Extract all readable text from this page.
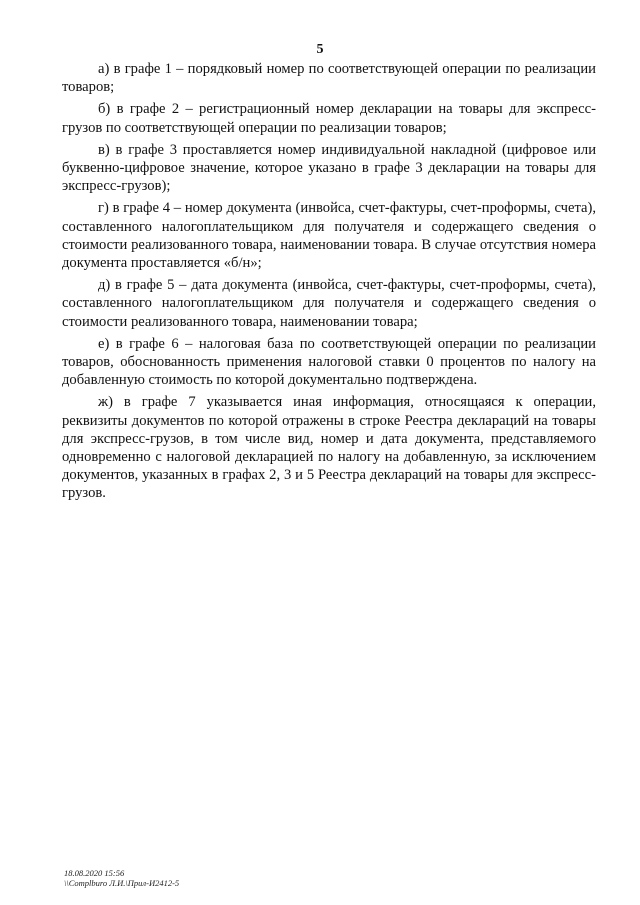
5

а) в графе 1 – порядковый номер по соответствующей операции по реализации товаров;

б) в графе 2 – регистрационный номер декларации на товары для экспресс-грузов по соответствующей операции по реализации товаров;

в) в графе 3 проставляется номер индивидуальной накладной (цифровое или буквенно-цифровое значение, которое указано в графе 3 декларации на товары для экспресс-грузов);

г) в графе 4 – номер документа (инвойса, счет-фактуры, счет-проформы, счета), составленного налогоплательщиком для получателя и содержащего сведения о стоимости реализованного товара, наименовании товара. В случае отсутствия номера документа проставляется «б/н»;

д) в графе 5 – дата документа (инвойса, счет-фактуры, счет-проформы, счета), составленного налогоплательщиком для получателя и содержащего сведения о стоимости реализованного товара, наименовании товара;

е) в графе 6 – налоговая база по соответствующей операции по реализации товаров, обоснованность применения налоговой ставки 0 процентов по налогу на добавленную стоимость по которой документально подтверждена.

ж) в графе 7 указывается иная информация, относящаяся к операции, реквизиты документов по которой отражены в строке Реестра деклараций на товары для экспресс-грузов, в том числе вид, номер и дата документа, представляемого одновременно с налоговой декларацией по налогу на добавленную, за исключением документов, указанных в графах 2, 3 и 5 Реестра деклараций на товары для экспресс-грузов.

18.08.2020 15:56
\\Complburo Л.И.\Прил-И2412-5
